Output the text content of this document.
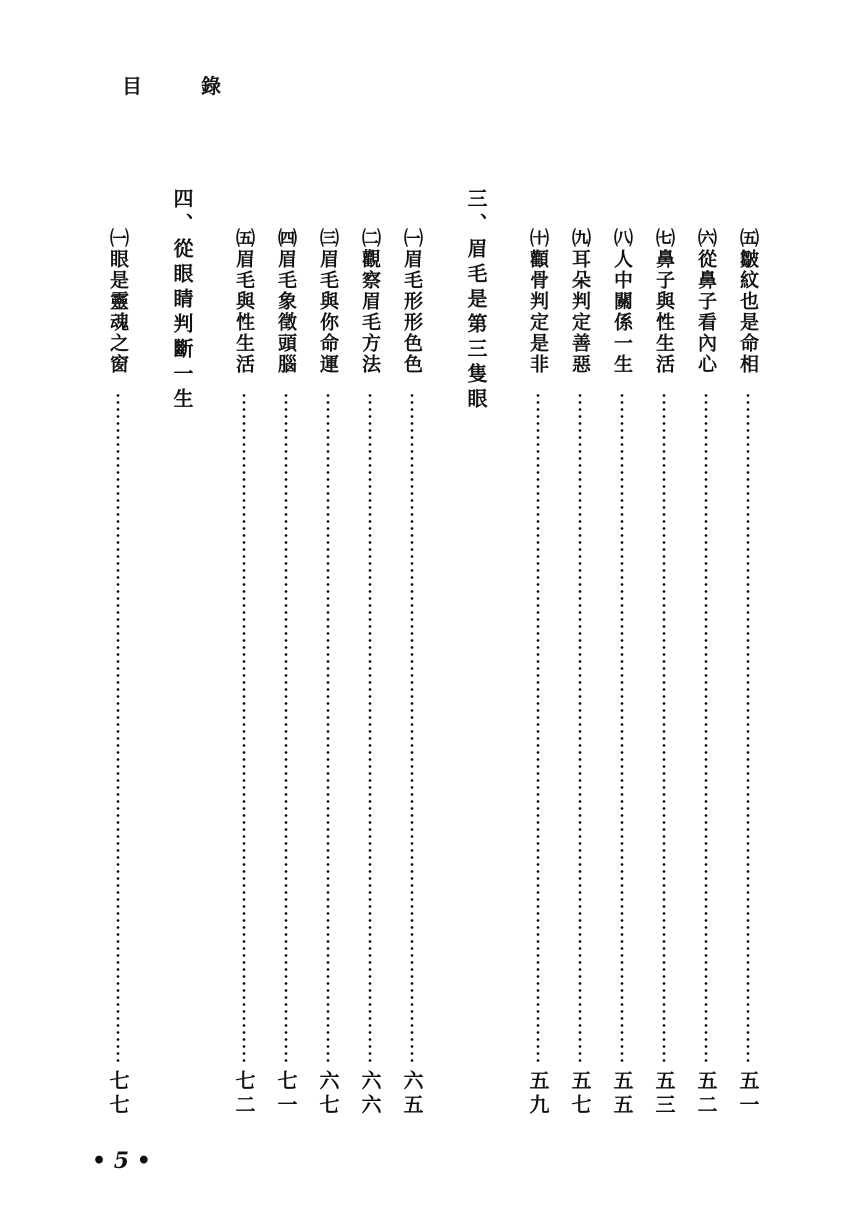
目 錄
㈤皺紋也是命相
五一
㈥從鼻子看內心
五二
㈦鼻子與性生活
五三
㈧人中關係一生
五五
㈨耳朵判定善惡
五七
㈩顴骨判定是非
五九
三、眉毛是第三隻眼
㈠眉毛形形色色
六五
㈡觀察眉毛方法
六六
㈢眉毛與你命運
六七
㈣眉毛象徵頭腦
七一
㈤眉毛與性生活
七二
四、從眼睛判斷一生
㈠眼是靈魂之窗
七七
• 5 •
